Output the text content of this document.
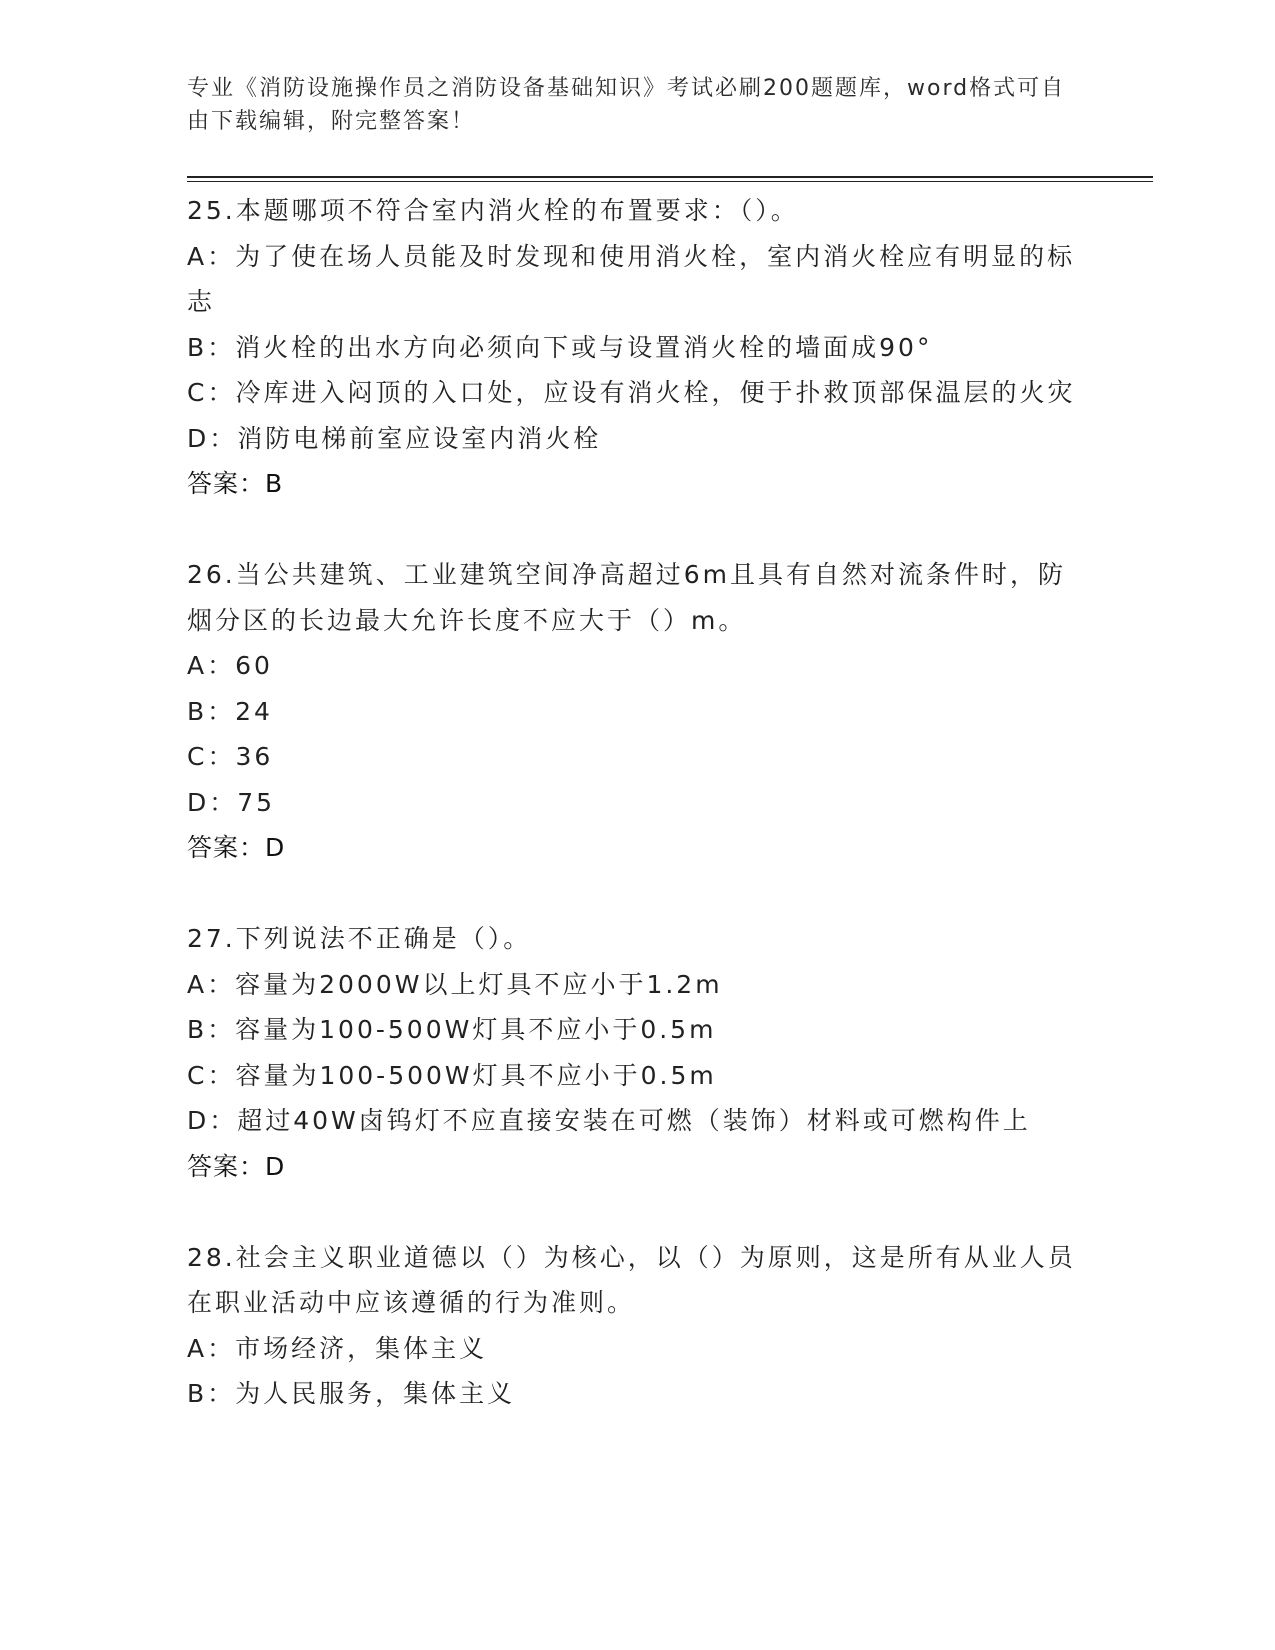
专业《消防设施操作员之消防设备基础知识》考试必刷200题题库，word格式可自由下载编辑，附完整答案！
25.本题哪项不符合室内消火栓的布置要求：（）。
A：为了使在场人员能及时发现和使用消火栓，室内消火栓应有明显的标志
B：消火栓的出水方向必须向下或与设置消火栓的墙面成90°
C：冷库进入闷顶的入口处，应设有消火栓，便于扑救顶部保温层的火灾
D：消防电梯前室应设室内消火栓
答案：B
26.当公共建筑、工业建筑空间净高超过6m且具有自然对流条件时，防烟分区的长边最大允许长度不应大于（）m。
A：60
B：24
C：36
D：75
答案：D
27.下列说法不正确是（）。
A：容量为2000W以上灯具不应小于1.2m
B：容量为100-500W灯具不应小于0.5m
C：容量为100-500W灯具不应小于0.5m
D：超过40W卤钨灯不应直接安装在可燃（装饰）材料或可燃构件上
答案：D
28.社会主义职业道德以（）为核心，以（）为原则，这是所有从业人员在职业活动中应该遵循的行为准则。
A：市场经济，集体主义
B：为人民服务，集体主义
